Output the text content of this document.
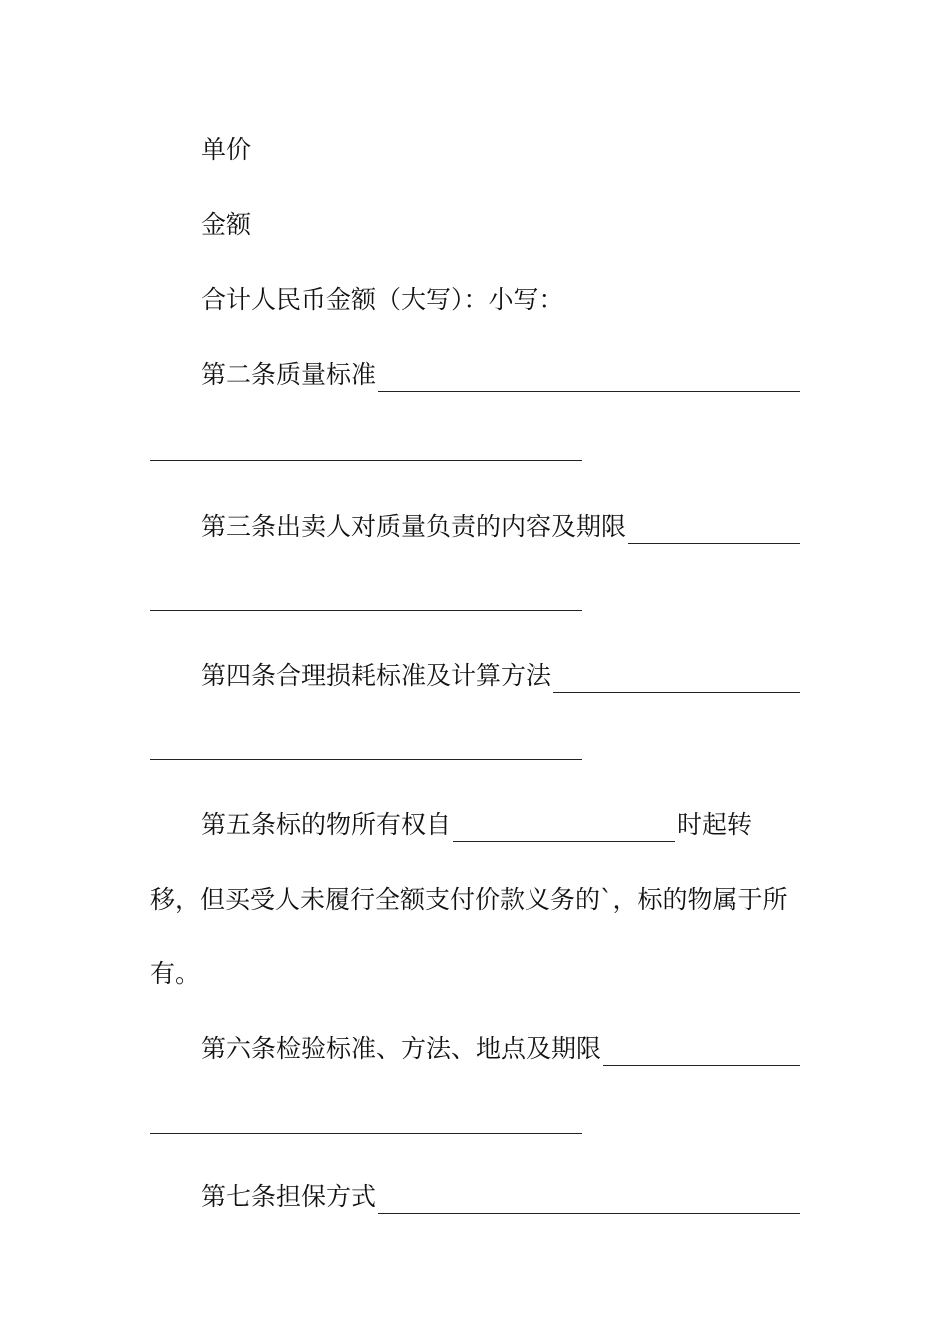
单价
金额
合计人民币金额（大写）：小写：
第二条质量标准
第三条出卖人对质量负责的内容及期限
第四条合理损耗标准及计算方法
第五条标的物所有权自	时起转
移，但买受人未履行全额支付价款义务的`，标的物属于所
有。
第六条检验标准、方法、地点及期限
第七条担保方式
